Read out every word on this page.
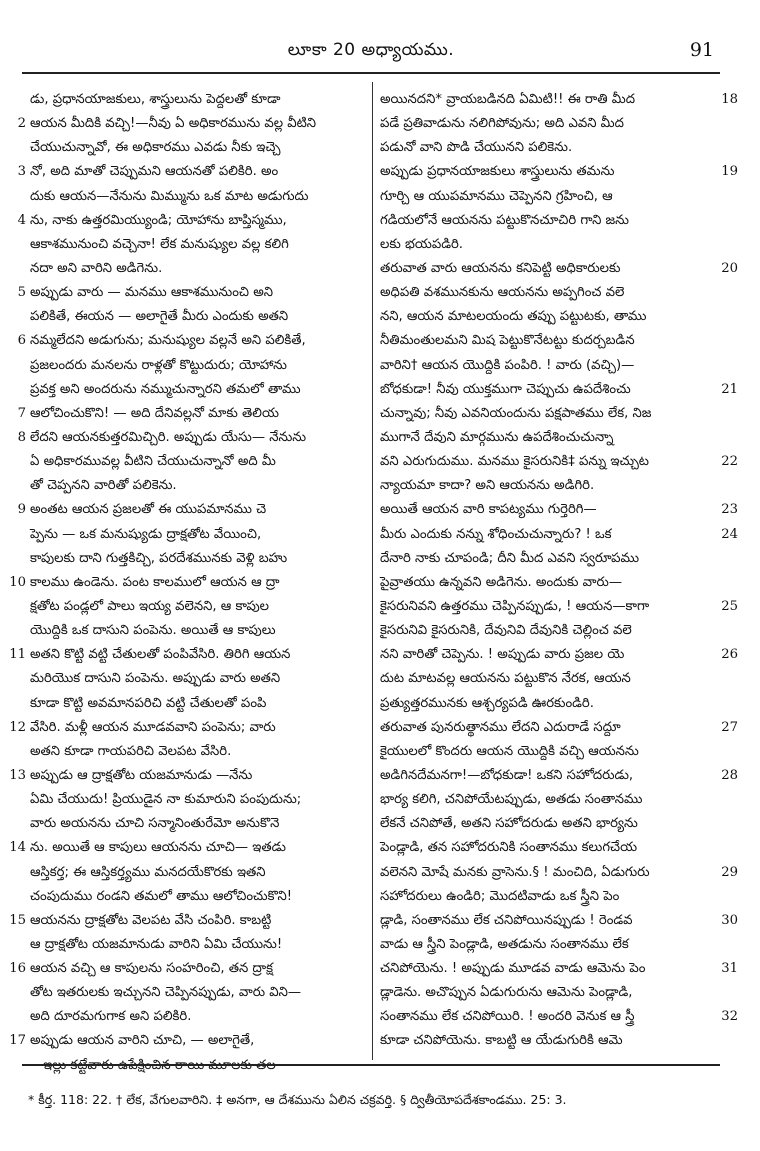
లూకా 20 అధ్యాయము.	91
డు, ప్రధానయాజకులు, శాస్త్రులును పెద్దలతో కూడా
2 ఆయన మీదికి వచ్చి!—నీవు ఏ అధికారమును వల్ల వీటిని
చేయుచున్నావో, ఈ అధికారము ఎవడు నీకు ఇచ్చె
3 నో, అది మాతో చెప్పుమని ఆయనతో పలికిరి. అం
దుకు ఆయన—నేనును మిమ్మును ఒక మాట అడుగుదు
4 ను, నాకు ఉత్తరమియ్యుండి; యోహాను బాప్తిస్మము,
ఆకాశమునుంచి వచ్చెనా! లేక మనుష్యుల వల్ల కలిగి
నదా అని వారిని అడిగెను.
5 అప్పుడు వారు — మనము ఆకాశమునుంచి అని
పలికితే, ఈయన — అలాగైతే మీరు ఎందుకు అతని
6 నమ్మలేదని అడుగును; మనుష్యుల వల్లనే అని పలికితే,
ప్రజలందరు మనలను రాళ్లతో కొట్టుదురు; యోహాను
ప్రవక్త అని అందరును నమ్ముచున్నారని తమలో తాము
7 ఆలోచించుకొని! — అది దేనివల్లనో మాకు తెలియ
8 లేదని ఆయనకుత్తరమిచ్చిరి. అప్పుడు యేసు— నేనును
ఏ అధికారమువల్ల వీటిని చేయుచున్నానో అది మీ
తో చెప్పనని వారితో పలికెను.
9 అంతట ఆయన ప్రజలతో ఈ యుపమానము చె
ప్పెను — ఒక మనుష్యుడు ద్రాక్షతోట వేయించి,
కాపులకు దాని గుత్తకిచ్చి, పరదేశమునకు వెళ్లి బహు
10 కాలము ఉండెను. పంట కాలములో ఆయన ఆ ద్రా
క్షతోట పండ్లలో పాలు ఇయ్య వలెనని, ఆ కాపుల
యొద్దికి ఒక దాసుని పంపెను. అయితే ఆ కాపులు
11 అతని కొట్టి వట్టి చేతులతో పంపివేసిరి. తిరిగి ఆయన
మరియొక దాసుని పంపెను. అప్పుడు వారు అతని
కూడా కొట్టి అవమానపరిచి వట్టి చేతులతో పంపి
12 వేసిరి. మళ్లీ ఆయన మూడవవాని పంపెను; వారు
అతని కూడా గాయపరిచి వెలపట వేసిరి.
13 అప్పుడు ఆ ద్రాక్షతోట యజమానుడు —నేను
ఏమి చేయుదు! ప్రియుడైన నా కుమారుని పంపుదును;
వారు అయనను చూచి సన్మానింతురేమో అనుకొనె
14 ను. అయితే ఆ కాపులు ఆయనను చూచి— ఇతడు
ఆస్తికర్త; ఈ ఆస్తికర్త్యము మనదయేకొరకు ఇతని
చంపుదుము రండని తమలో తాము ఆలోచించుకొని!
15 ఆయనను ద్రాక్షతోట వెలపట వేసి చంపిరి. కాబట్టి
ఆ ద్రాక్షతోట యజమానుడు వారిని ఏమి చేయును!
16 ఆయన వచ్చి ఆ కాపులను సంహరించి, తన ద్రాక్ష
తోట ఇతరులకు ఇచ్చునని చెప్పినప్పుడు, వారు విని—
అది దూరమగుగాక అని పలికిరి.
17 అప్పుడు ఆయన వారిని చూచి, — అలాగైతే,
—ఇల్లు కట్టేవారు ఉపేక్షించిన రాయి మూలకు తల
18
అయినదని* వ్రాయబడినది ఏమిటి!! ఈ రాతి మీద
పడే ప్రతివాడును నలిగిపోవును; అది ఎవని మీద
పడునో వాని పొడి చేయునని పలికెను.
19
అప్పుడు ప్రధానయాజకులు శాస్త్రులును తమను
గూర్చి ఆ యుపమానము చెప్పెనని గ్రహించి, ఆ
గడియలోనే ఆయనను పట్టుకొనచూచిరి గాని జను
లకు భయపడిరి.
20
తరువాత వారు ఆయనను కనిపెట్టి అధికారులకు
అధిపతి వశమునకును ఆయనను అప్పగించ వలె
నని, ఆయన మాటలయందు తప్పు పట్టుటకు, తాము
నీతిమంతులమని మిష పెట్టుకొనేటట్టు కుదర్చబడిన
వారిని† ఆయన యొద్దికి పంపిరి. ! వారు (వచ్చి)—
21
బోధకుడా! నీవు యుక్తముగా చెప్పుచు ఉపదేశించు
చున్నావు; నీవు ఎవనియందును పక్షపాతము లేక, నిజ
ముగానే దేవుని మార్గమును ఉపదేశించుచున్నా
22
వని ఎరుగుదుము. మనము కైసరునికి‡ పన్ను ఇచ్చుట
న్యాయమా కాదా? అని ఆయనను అడిగిరి.
23
అయితే ఆయన వారి కాపట్యము గుర్తెరిగి—
24
మీరు ఎందుకు నన్ను శోధించుచున్నారు? ! ఒక
దేనారి నాకు చూపండి; దీని మీద ఎవని స్వరూపము
పైవ్రాతయు ఉన్నవని అడిగెను. అందుకు వారు—
25
కైసరునివని ఉత్తరము చెప్పినప్పుడు, ! ఆయన—కాగా
కైసరునివి కైసరునికి, దేవునివి దేవునికి చెల్లించ వలె
26
నని వారితో చెప్పెను. ! అప్పుడు వారు ప్రజల యె
దుట మాటవల్ల ఆయనను పట్టుకొన నేరక, ఆయన
ప్రత్యుత్తరమునకు ఆశ్చర్యపడి ఊరకుండిరి.
27
తరువాత పునరుత్థానము లేదని ఎదురాడే సద్దూ
కైయులలో కొందరు ఆయన యొద్దికి వచ్చి ఆయనను
28
అడిగినదేమనగా!—బోధకుడా! ఒకని సహోదరుడు,
భార్య కలిగి, చనిపోయేటప్పుడు, అతడు సంతానము
లేకనే చనిపోతే, అతని సహోదరుడు అతని భార్యను
పెండ్లాడి, తన సహోదరునికి సంతానము కలుగచేయ
29
వలెనని మోషే మనకు వ్రాసెను.§ ! మంచిది, ఏడుగురు
సహోదరులు ఉండిరి; మొదటివాడు ఒక స్త్రీని పెం
30
డ్లాడి, సంతానము లేక చనిపోయినప్పుడు ! రెండవ
వాడు ఆ స్త్రీని పెండ్లాడి, అతడును సంతానము లేక
31
చనిపోయెను. ! అప్పుడు మూడవ వాడు ఆమెను పెం
డ్లాడెను. అచొప్పున ఏడుగురును ఆమెను పెండ్లాడి,
32
సంతానము లేక చనిపోయిరి. ! అందరి వెనుక ఆ స్త్రీ
కూడా చనిపోయెను. కాబట్టి ఆ యేడుగురికి ఆమె
* కీర్త. 118: 22. † లేక, వేగులవారిని. ‡ అనగా, ఆ దేశమును ఏలిన చక్రవర్తి. § ద్వితీయోపదేశకాండము. 25: 3.
